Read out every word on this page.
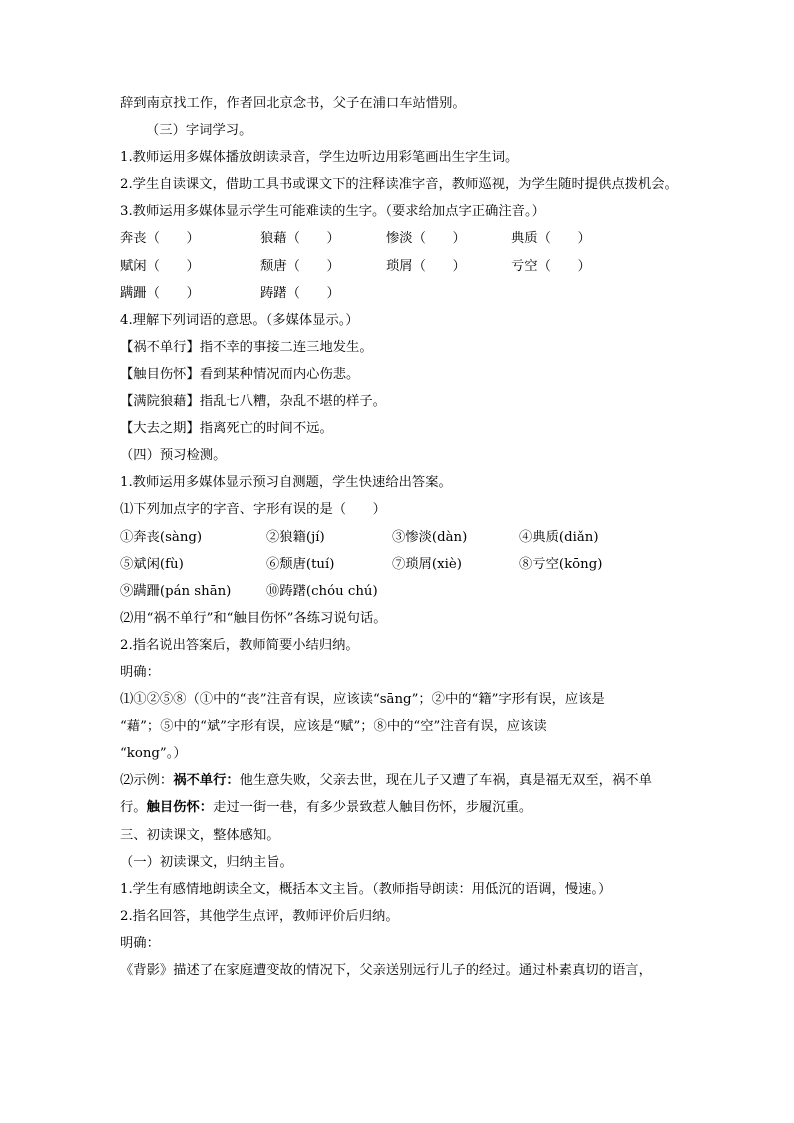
辞到南京找工作，作者回北京念书，父子在浦口车站惜别。
（三）字词学习。
1.教师运用多媒体播放朗读录音，学生边听边用彩笔画出生字生词。
2.学生自读课文，借助工具书或课文下的注释读准字音，教师巡视，为学生随时提供点拨机会。
3.教师运用多媒体显示学生可能难读的生字。（要求给加点字正确注音。）
奔丧（　　）	狼藉（　　）	惨淡（　　）	典质（　　）
赋闲（　　）	颓唐（　　）	琐屑（　　）	亏空（　　）
蹒跚（　　）	踌躇（　　）
4.理解下列词语的意思。（多媒体显示。）
【祸不单行】指不幸的事接二连三地发生。
【触目伤怀】看到某种情况而内心伤悲。
【满院狼藉】指乱七八糟，杂乱不堪的样子。
【大去之期】指离死亡的时间不远。
（四）预习检测。
1.教师运用多媒体显示预习自测题，学生快速给出答案。
⑴下列加点字的字音、字形有误的是（　　）
①奔丧(sàng)	②狼籍(jí)	③惨淡(dàn)	④典质(diǎn)
⑤斌闲(fù)	⑥颓唐(tuí)	⑦琐屑(xiè)	⑧亏空(kōng)
⑨蹒跚(pán shān)	⑩踌躇(chóu chú)
⑵用“祸不单行”和“触目伤怀”各练习说句话。
2.指名说出答案后，教师简要小结归纳。
明确：
⑴①②⑤⑧（①中的“丧”注音有误，应该读“sāng”；②中的“籍”字形有误，应该是
“藉”；⑤中的“斌”字形有误，应该是“赋”；⑧中的“空”注音有误，应该读
“kong”。）
⑵示例：祸不单行：他生意失败，父亲去世，现在儿子又遭了车祸，真是福无双至，祸不单
行。触目伤怀：走过一街一巷，有多少景致惹人触目伤怀，步履沉重。
三、初读课文，整体感知。
（一）初读课文，归纳主旨。
1.学生有感情地朗读全文，概括本文主旨。（教师指导朗读：用低沉的语调，慢速。）
2.指名回答，其他学生点评，教师评价后归纳。
明确：
《背影》描述了在家庭遭变故的情况下，父亲送别远行儿子的经过。通过朴素真切的语言，
